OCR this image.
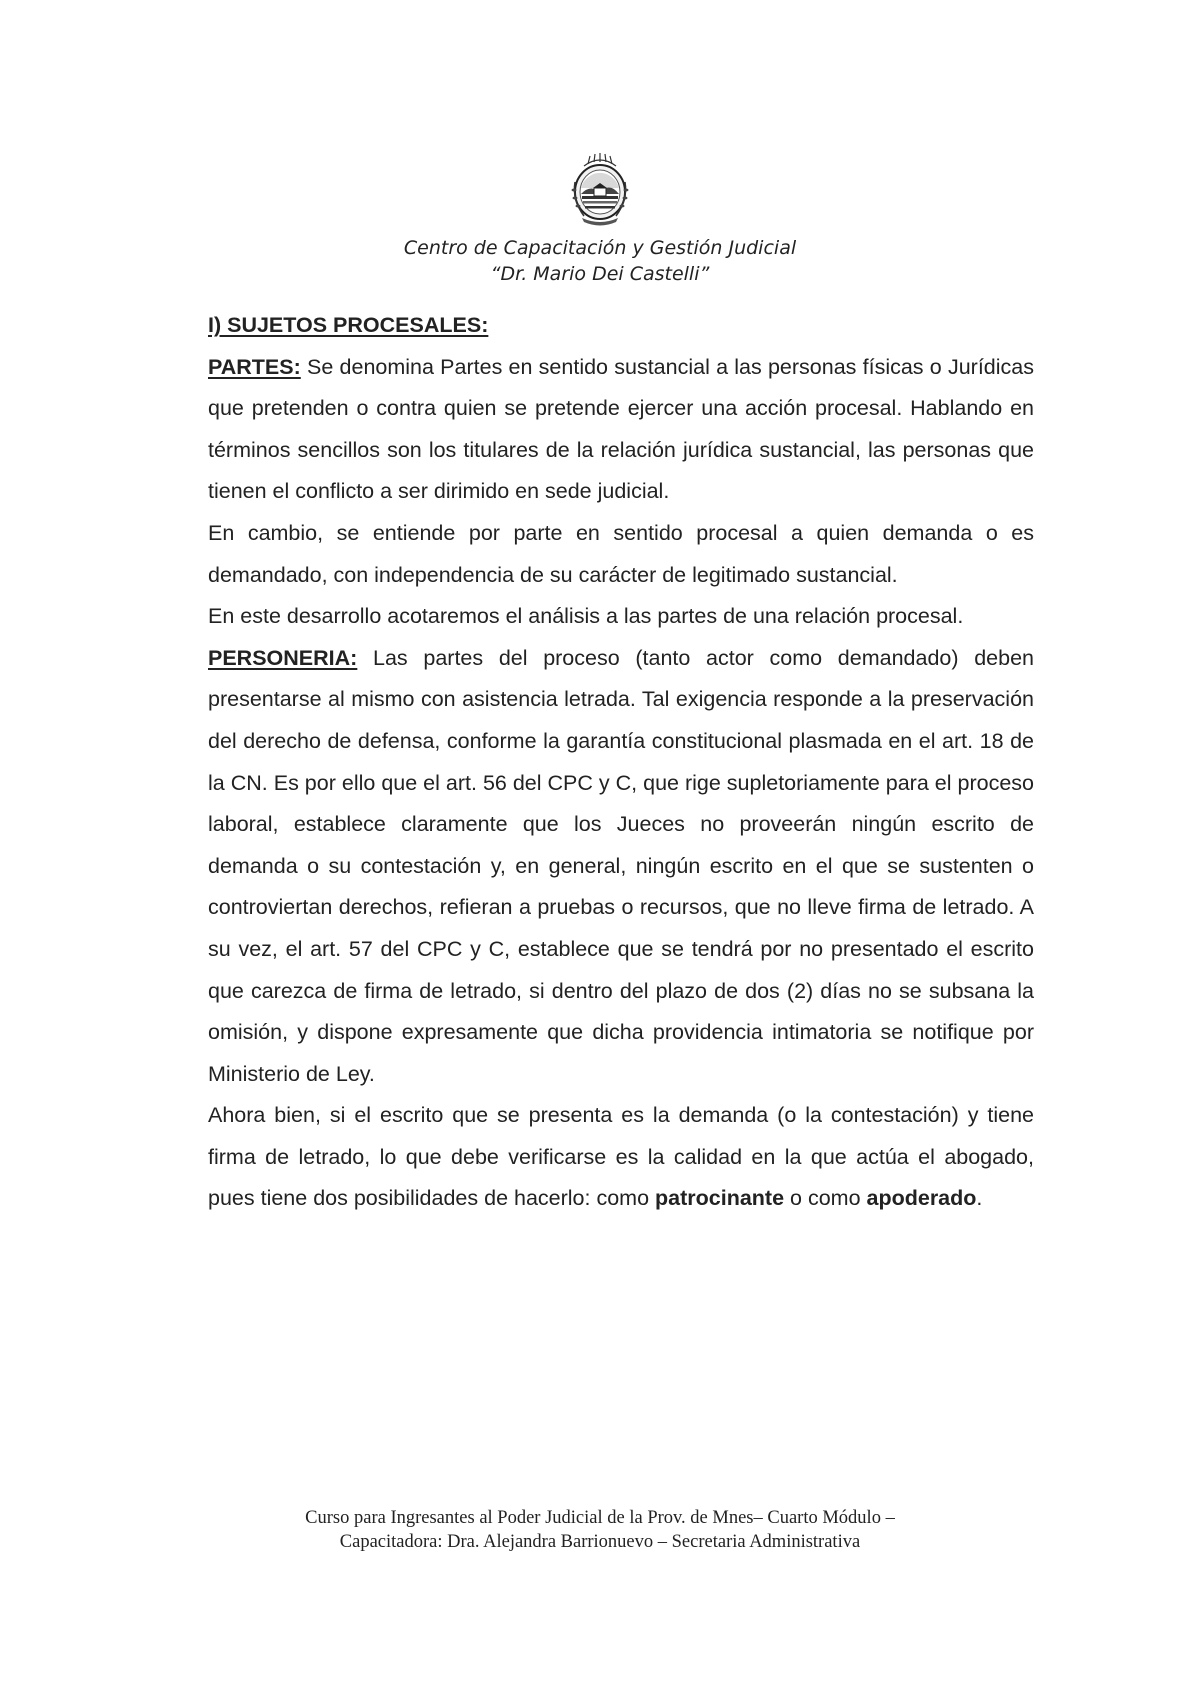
Centro de Capacitación y Gestión Judicial

“Dr. Mario Dei Castelli”

I) SUJETOS PROCESALES:

PARTES: Se denomina Partes en sentido sustancial a las personas físicas o Jurídicas que pretenden o contra quien se pretende ejercer una acción procesal. Hablando en términos sencillos son los titulares de la relación jurídica sustancial, las personas que tienen el conflicto a ser dirimido en sede judicial.

En cambio, se entiende por parte en sentido procesal a quien demanda o es demandado, con independencia de su carácter de legitimado sustancial.

En este desarrollo acotaremos el análisis a las partes de una relación procesal.

PERSONERIA: Las partes del proceso (tanto actor como demandado) deben presentarse al mismo con asistencia letrada. Tal exigencia responde a la preservación del derecho de defensa, conforme la garantía constitucional plasmada en el art. 18 de la CN. Es por ello que el art. 56 del CPC y C, que rige supletoriamente para el proceso laboral, establece claramente que los Jueces no proveerán ningún escrito de demanda o su contestación y, en general, ningún escrito en el que se sustenten o controviertan derechos, refieran a pruebas o recursos, que no lleve firma de letrado. A su vez, el art. 57 del CPC y C, establece que se tendrá por no presentado el escrito que carezca de firma de letrado, si dentro del plazo de dos (2) días no se subsana la omisión, y dispone expresamente que dicha providencia intimatoria se notifique por Ministerio de Ley.

Ahora bien, si el escrito que se presenta es la demanda (o la contestación) y tiene firma de letrado, lo que debe verificarse es la calidad en la que actúa el abogado, pues tiene dos posibilidades de hacerlo: como patrocinante o como apoderado.

Curso para Ingresantes al Poder Judicial de la Prov. de Mnes– Cuarto Módulo –

Capacitadora: Dra. Alejandra Barrionuevo – Secretaria Administrativa
